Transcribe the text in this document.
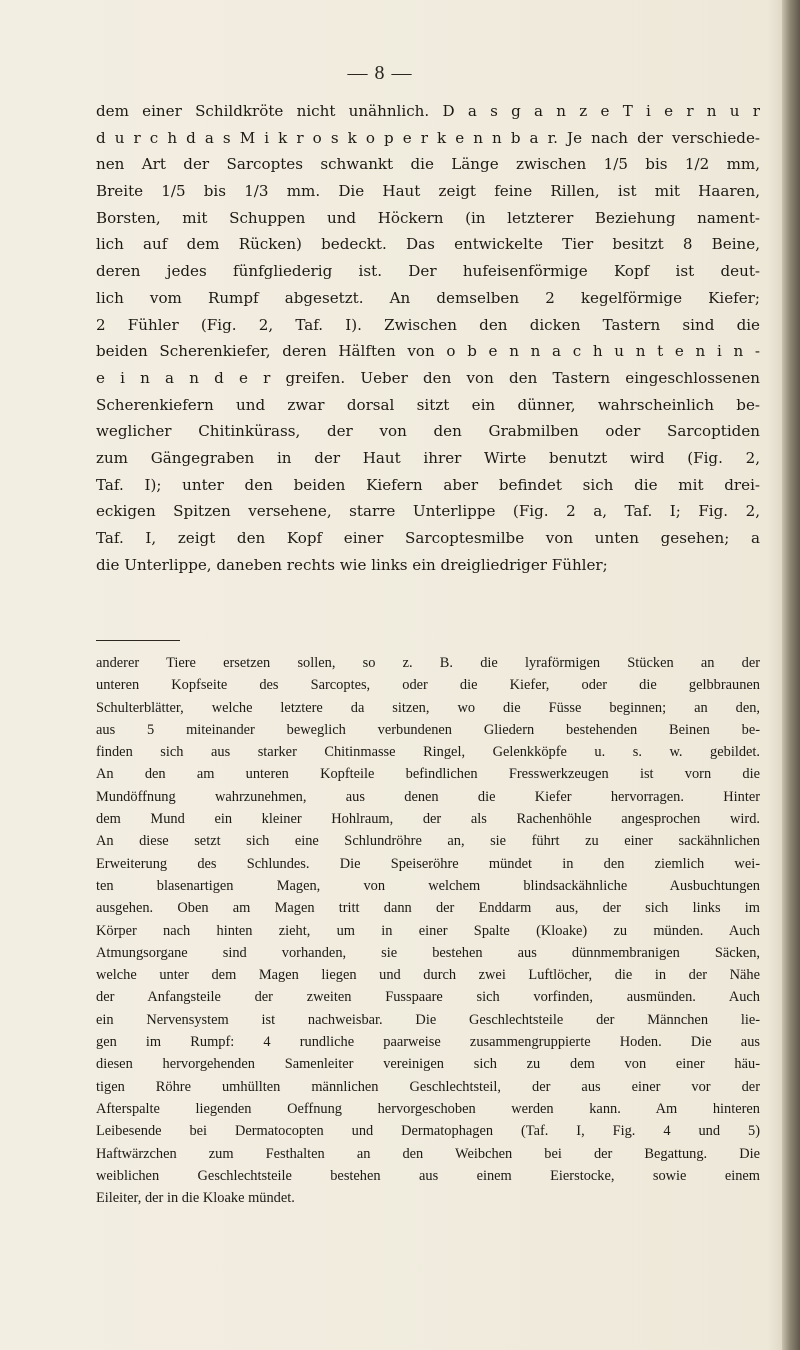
— 8 —
dem einer Schildkröte nicht unähnlich. D a s g a n z e T i e r n u r
d u r c h d a s M i k r o s k o p e r k e n n b a r. Je nach der verschiede-
nen Art der Sarcoptes schwankt die Länge zwischen 1/5 bis 1/2 mm,
Breite 1/5 bis 1/3 mm. Die Haut zeigt feine Rillen, ist mit Haaren,
Borsten, mit Schuppen und Höckern (in letzterer Beziehung nament-
lich auf dem Rücken) bedeckt. Das entwickelte Tier besitzt 8 Beine,
deren jedes fünfgliederig ist. Der hufeisenförmige Kopf ist deut-
lich vom Rumpf abgesetzt. An demselben 2 kegelförmige Kiefer;
2 Fühler (Fig. 2, Taf. I). Zwischen den dicken Tastern sind die
beiden Scherenkiefer, deren Hälften von o b e n n a c h u n t e n i n -
e i n a n d e r greifen. Ueber den von den Tastern eingeschlossenen
Scherenkiefern und zwar dorsal sitzt ein dünner, wahrscheinlich be-
weglicher Chitinkürass, der von den Grabmilben oder Sarcoptiden
zum Gängegraben in der Haut ihrer Wirte benutzt wird (Fig. 2,
Taf. I); unter den beiden Kiefern aber befindet sich die mit drei-
eckigen Spitzen versehene, starre Unterlippe (Fig. 2 a, Taf. I; Fig. 2,
Taf. I, zeigt den Kopf einer Sarcoptesmilbe von unten gesehen; a
die Unterlippe, daneben rechts wie links ein dreigliedriger Fühler;
anderer Tiere ersetzen sollen, so z. B. die lyraförmigen Stücken an der
unteren Kopfseite des Sarcoptes, oder die Kiefer, oder die gelbbraunen
Schulterblätter, welche letztere da sitzen, wo die Füsse beginnen; an den,
aus 5 miteinander beweglich verbundenen Gliedern bestehenden Beinen be-
finden sich aus starker Chitinmasse Ringel, Gelenkköpfe u. s. w. gebildet.
An den am unteren Kopfteile befindlichen Fresswerkzeugen ist vorn die
Mundöffnung wahrzunehmen, aus denen die Kiefer hervorragen. Hinter
dem Mund ein kleiner Hohlraum, der als Rachenhöhle angesprochen wird.
An diese setzt sich eine Schlundröhre an, sie führt zu einer sackähnlichen
Erweiterung des Schlundes. Die Speiseröhre mündet in den ziemlich wei-
ten blasenartigen Magen, von welchem blindsackähnliche Ausbuchtungen
ausgehen. Oben am Magen tritt dann der Enddarm aus, der sich links im
Körper nach hinten zieht, um in einer Spalte (Kloake) zu münden. Auch
Atmungsorgane sind vorhanden, sie bestehen aus dünnmembranigen Säcken,
welche unter dem Magen liegen und durch zwei Luftlöcher, die in der Nähe
der Anfangsteile der zweiten Fusspaare sich vorfinden, ausmünden. Auch
ein Nervensystem ist nachweisbar. Die Geschlechtsteile der Männchen lie-
gen im Rumpf: 4 rundliche paarweise zusammengruppierte Hoden. Die aus
diesen hervorgehenden Samenleiter vereinigen sich zu dem von einer häu-
tigen Röhre umhüllten männlichen Geschlechtsteil, der aus einer vor der
Afterspalte liegenden Oeffnung hervorgeschoben werden kann. Am hinteren
Leibesende bei Dermatocopten und Dermatophagen (Taf. I, Fig. 4 und 5)
Haftwärzchen zum Festhalten an den Weibchen bei der Begattung. Die
weiblichen Geschlechtsteile bestehen aus einem Eierstocke, sowie einem
Eileiter, der in die Kloake mündet.
